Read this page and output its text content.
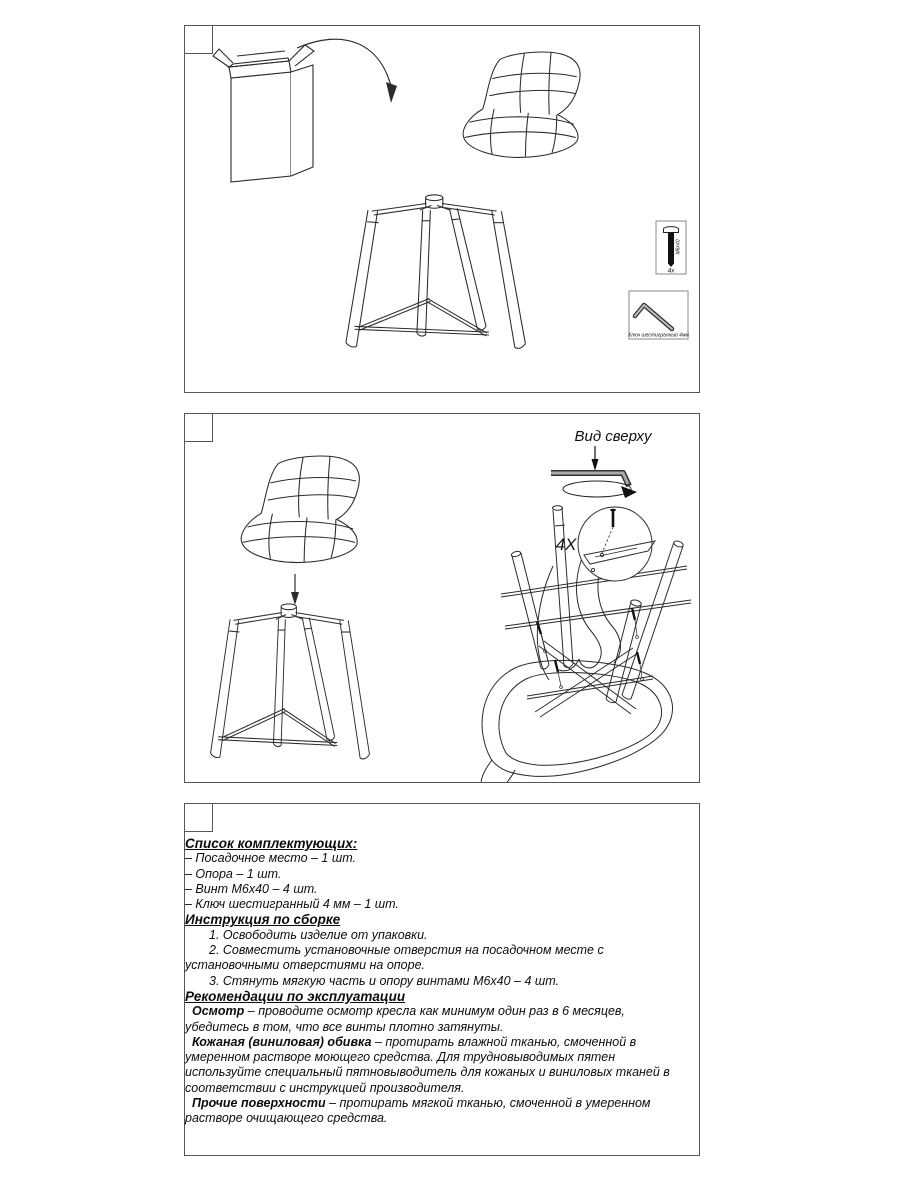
М6х40
4x
Ключ шестигранный 4мм
4X
Вид сверху
Список комплектующих:
– Посадочное место – 1 шт.
– Опора – 1 шт.
– Винт М6х40 – 4 шт.
– Ключ шестигранный 4 мм – 1 шт.
Инструкция по сборке

1. Освободить изделие от упаковки.

2. Совместить установочные отверстия на посадочном месте с установочными отверстиями на опоре.

3. Стянуть мягкую часть и опору винтами М6х40 – 4 шт.

Рекомендации по эксплуатации

Осмотр – проводите осмотр кресла как минимум один раз в 6 месяцев, убедитесь в том, что все винты плотно затянуты.

Кожаная (виниловая) обивка – протирать влажной тканью, смоченной в умеренном растворе моющего средства. Для трудновыводимых пятен используйте специальный пятновыводитель для кожаных и виниловых тканей в соответствии с инструкцией производителя.

Прочие поверхности – протирать мягкой тканью, смоченной в умеренном растворе очищающего средства.
